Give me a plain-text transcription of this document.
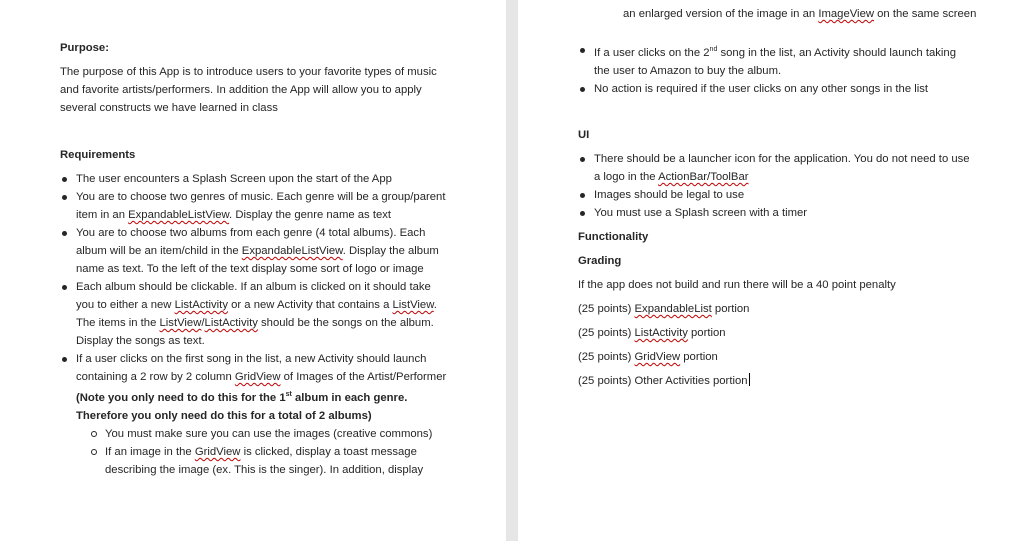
Purpose:
The purpose of this App is to introduce users to your favorite types of music and favorite artists/performers. In addition the App will allow you to apply several constructs we have learned in class
Requirements
The user encounters a Splash Screen upon the start of the App
You are to choose two genres of music. Each genre will be a group/parent item in an ExpandableListView. Display the genre name as text
You are to choose two albums from each genre (4 total albums). Each album will be an item/child in the ExpandableListView. Display the album name as text. To the left of the text display some sort of logo or image
Each album should be clickable. If an album is clicked on it should take you to either a new ListActivity or a new Activity that contains a ListView. The items in the ListView/ListActivity should be the songs on the album. Display the songs as text.
If a user clicks on the first song in the list, a new Activity should launch containing a 2 row by 2 column GridView of Images of the Artist/Performer (Note you only need to do this for the 1st album in each genre. Therefore you only need do this for a total of 2 albums)
You must make sure you can use the images (creative commons)
If an image in the GridView is clicked, display a toast message describing the image (ex. This is the singer). In addition, display
an enlarged version of the image in an ImageView on the same screen
If a user clicks on the 2nd song in the list, an Activity should launch taking the user to Amazon to buy the album.
No action is required if the user clicks on any other songs in the list
UI
There should be a launcher icon for the application. You do not need to use a logo in the ActionBar/ToolBar
Images should be legal to use
You must use a Splash screen with a timer
Functionality
Grading
If the app does not build and run there will be a 40 point penalty
(25 points) ExpandableList portion
(25 points) ListActivity portion
(25 points) GridView portion
(25 points) Other Activities portion
